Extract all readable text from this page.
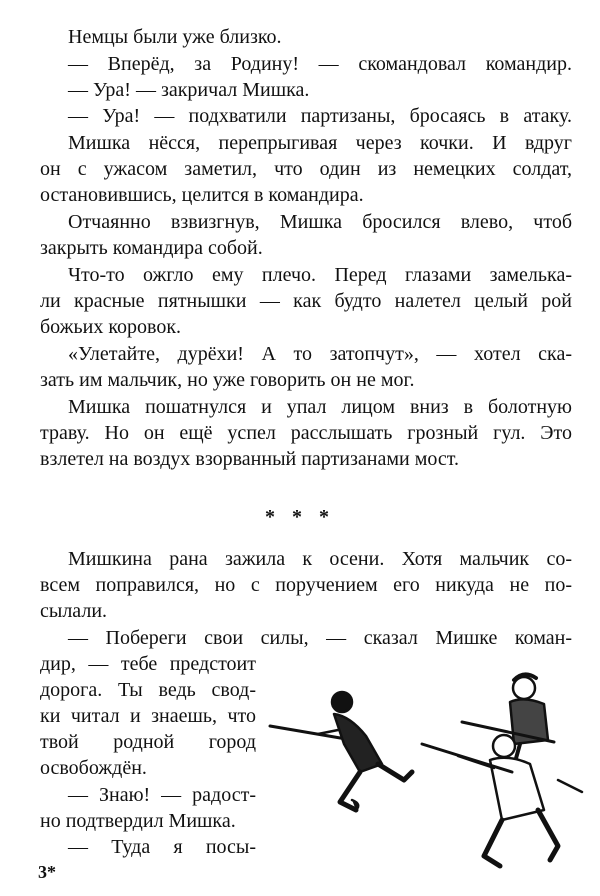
Немцы были уже близко.
— Вперёд, за Родину! — скомандовал командир.
— Ура! — закричал Мишка.
— Ура! — подхватили партизаны, бросаясь в атаку.
Мишка нёсся, перепрыгивая через кочки. И вдруг
он с ужасом заметил, что один из немецких солдат,
остановившись, целится в командира.
Отчаянно взвизгнув, Мишка бросился влево, чтоб
закрыть командира собой.
Что-то ожгло ему плечо. Перед глазами замелька-
ли красные пятнышки — как будто налетел целый рой
божьих коровок.
«Улетайте, дурёхи! А то затопчут», — хотел ска-
зать им мальчик, но уже говорить он не мог.
Мишка пошатнулся и упал лицом вниз в болотную
траву. Но он ещё успел расслышать грозный гул. Это
взлетел на воздух взорванный партизанами мост.
* * *
Мишкина рана зажила к осени. Хотя мальчик со-
всем поправился, но с поручением его никуда не по-
сылали.
— Побереги свои силы, — сказал Мишке коман-
дир, — тебе предстоит
дорога. Ты ведь свод-
ки читал и знаешь, что
твой родной город
освобождён.
— Знаю! — радост-
но подтвердил Мишка.
— Туда я посы-
3*
